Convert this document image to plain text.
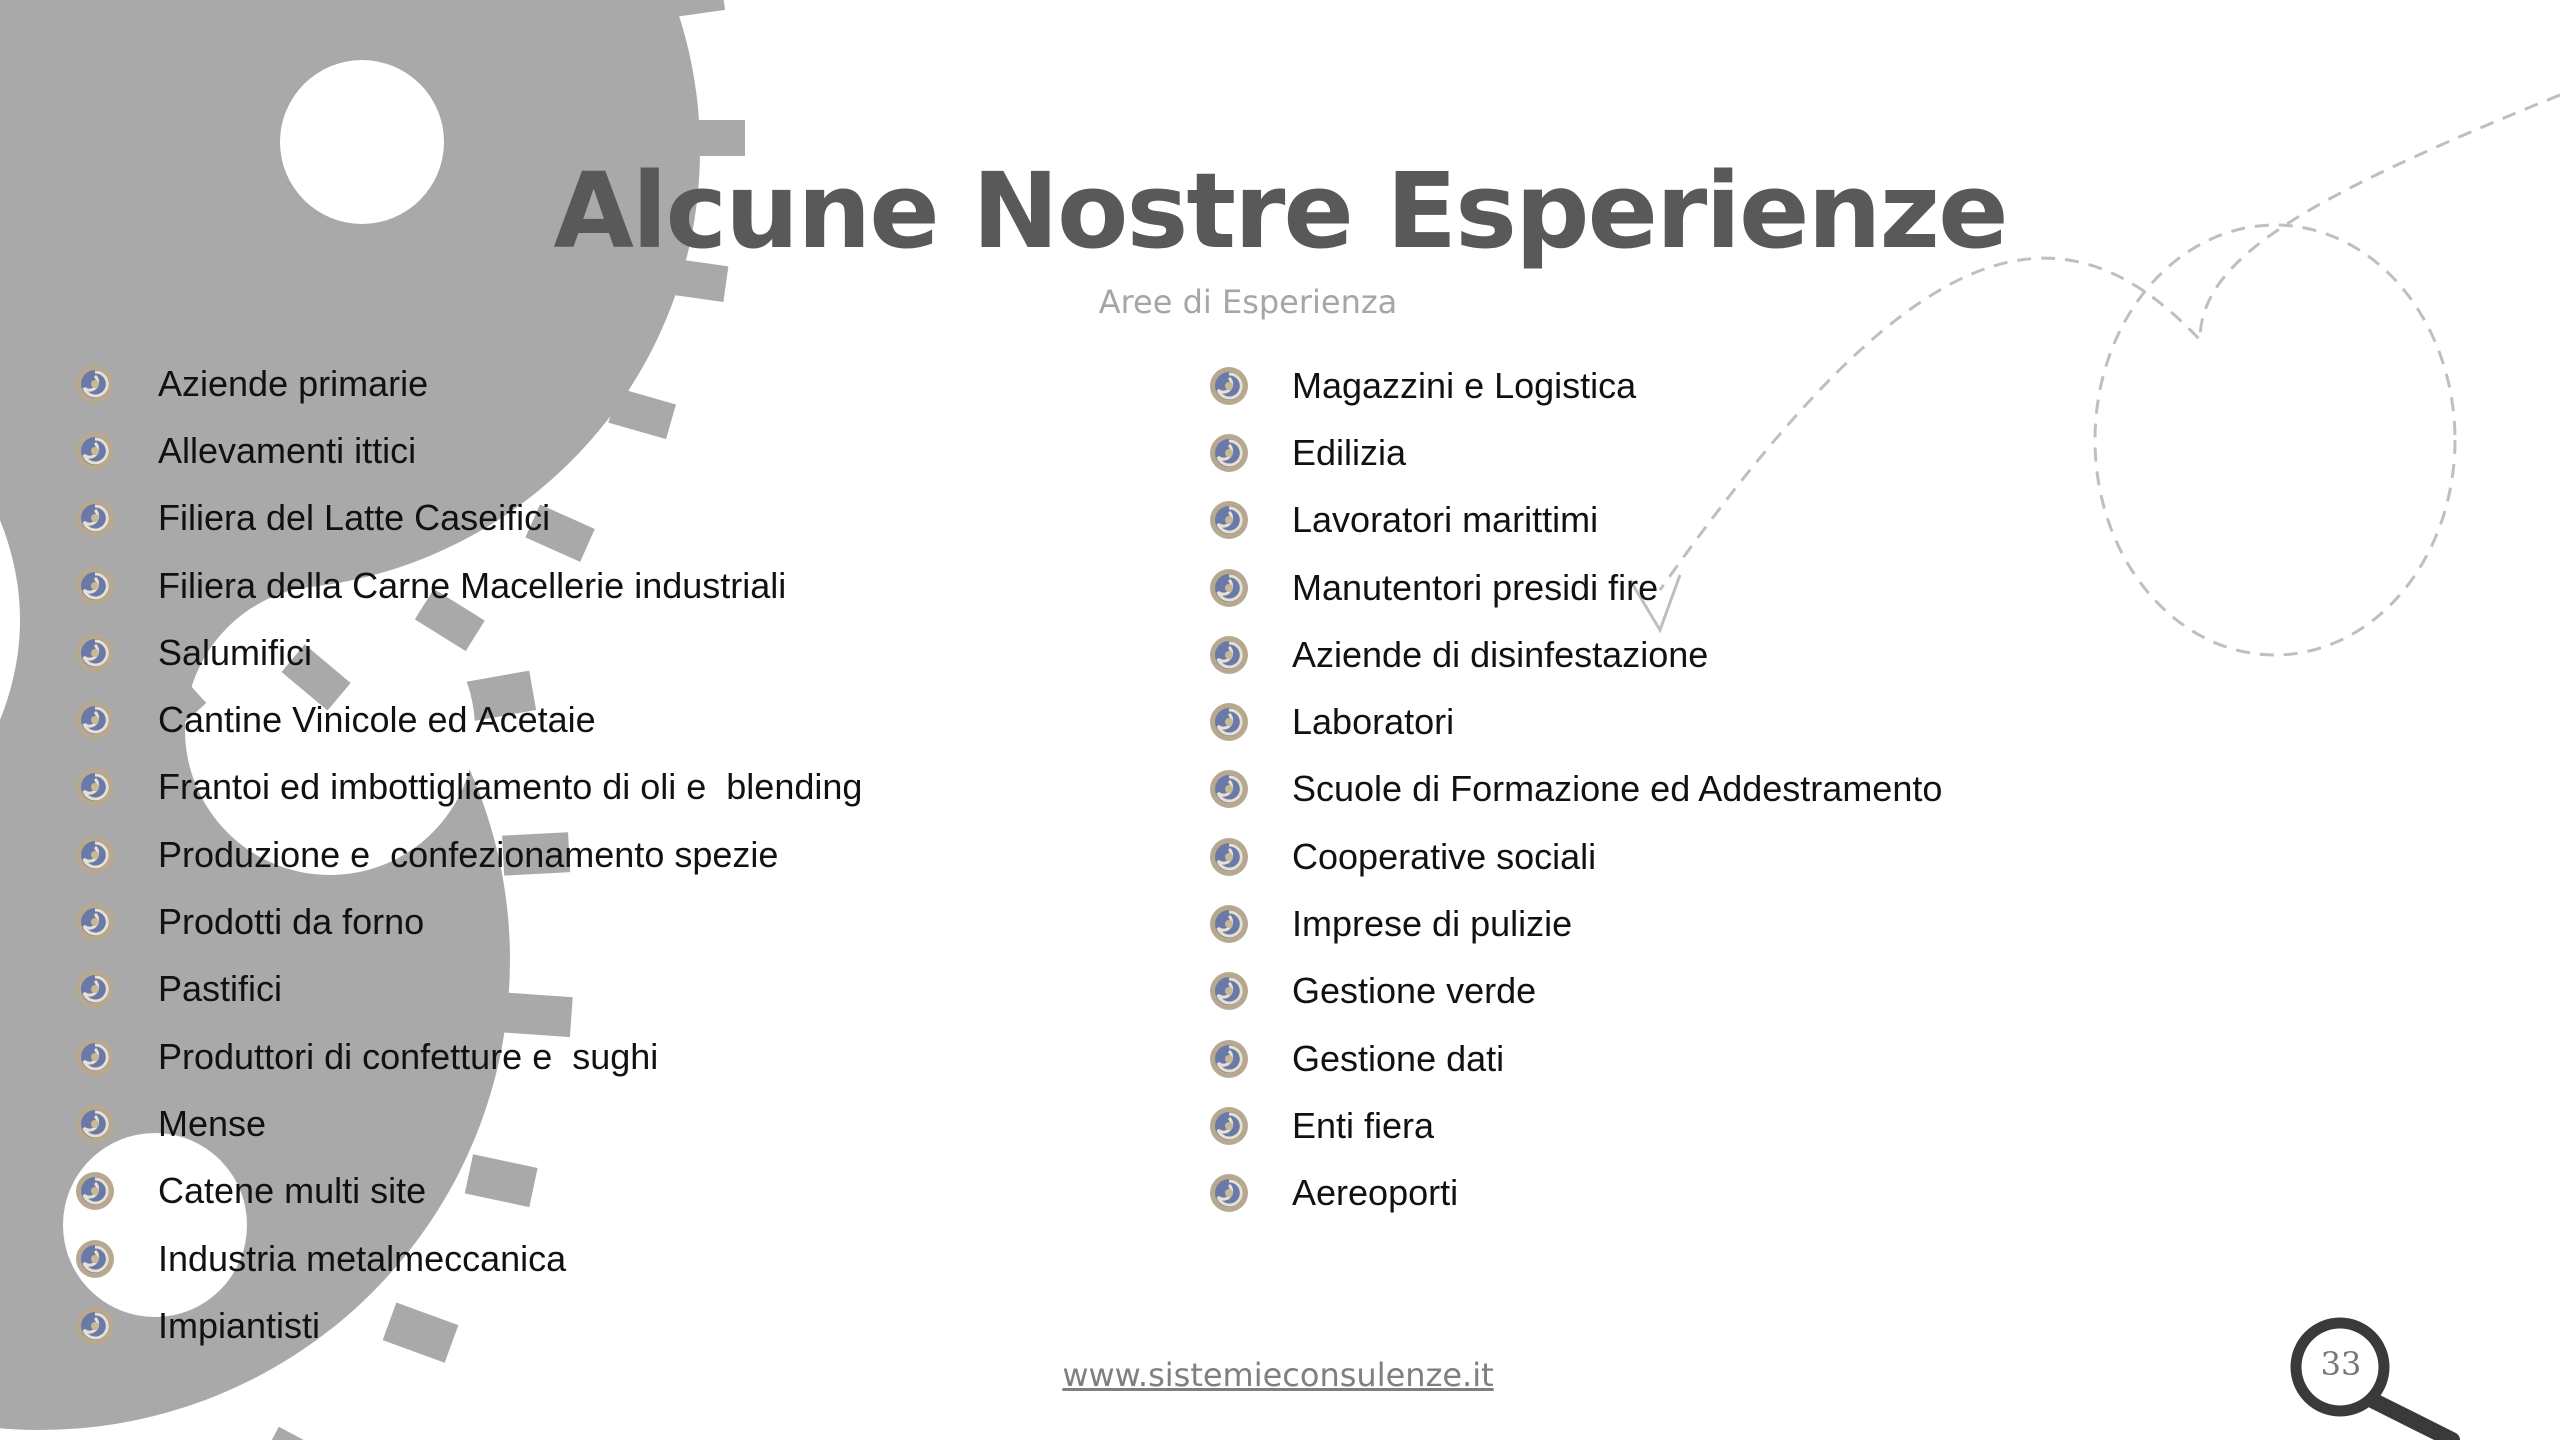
Alcune Nostre Esperienze
Aree di Esperienza
Aziende primarie
Allevamenti ittici
Filiera del Latte Caseifici
Filiera della Carne Macellerie industriali
Salumifici
Cantine Vinicole ed Acetaie
Frantoi ed imbottigliamento di oli e  blending
Produzione e  confezionamento spezie
Prodotti da forno
Pastifici
Produttori di confetture e  sughi
Mense
Catene multi site
Industria metalmeccanica
Impiantisti
Magazzini e Logistica
Edilizia
Lavoratori marittimi
Manutentori presidi fire
Aziende di disinfestazione
Laboratori
Scuole di Formazione ed Addestramento
Cooperative sociali
Imprese di pulizie
Gestione verde
Gestione dati
Enti fiera
Aereoporti
www.sistemieconsulenze.it	33
